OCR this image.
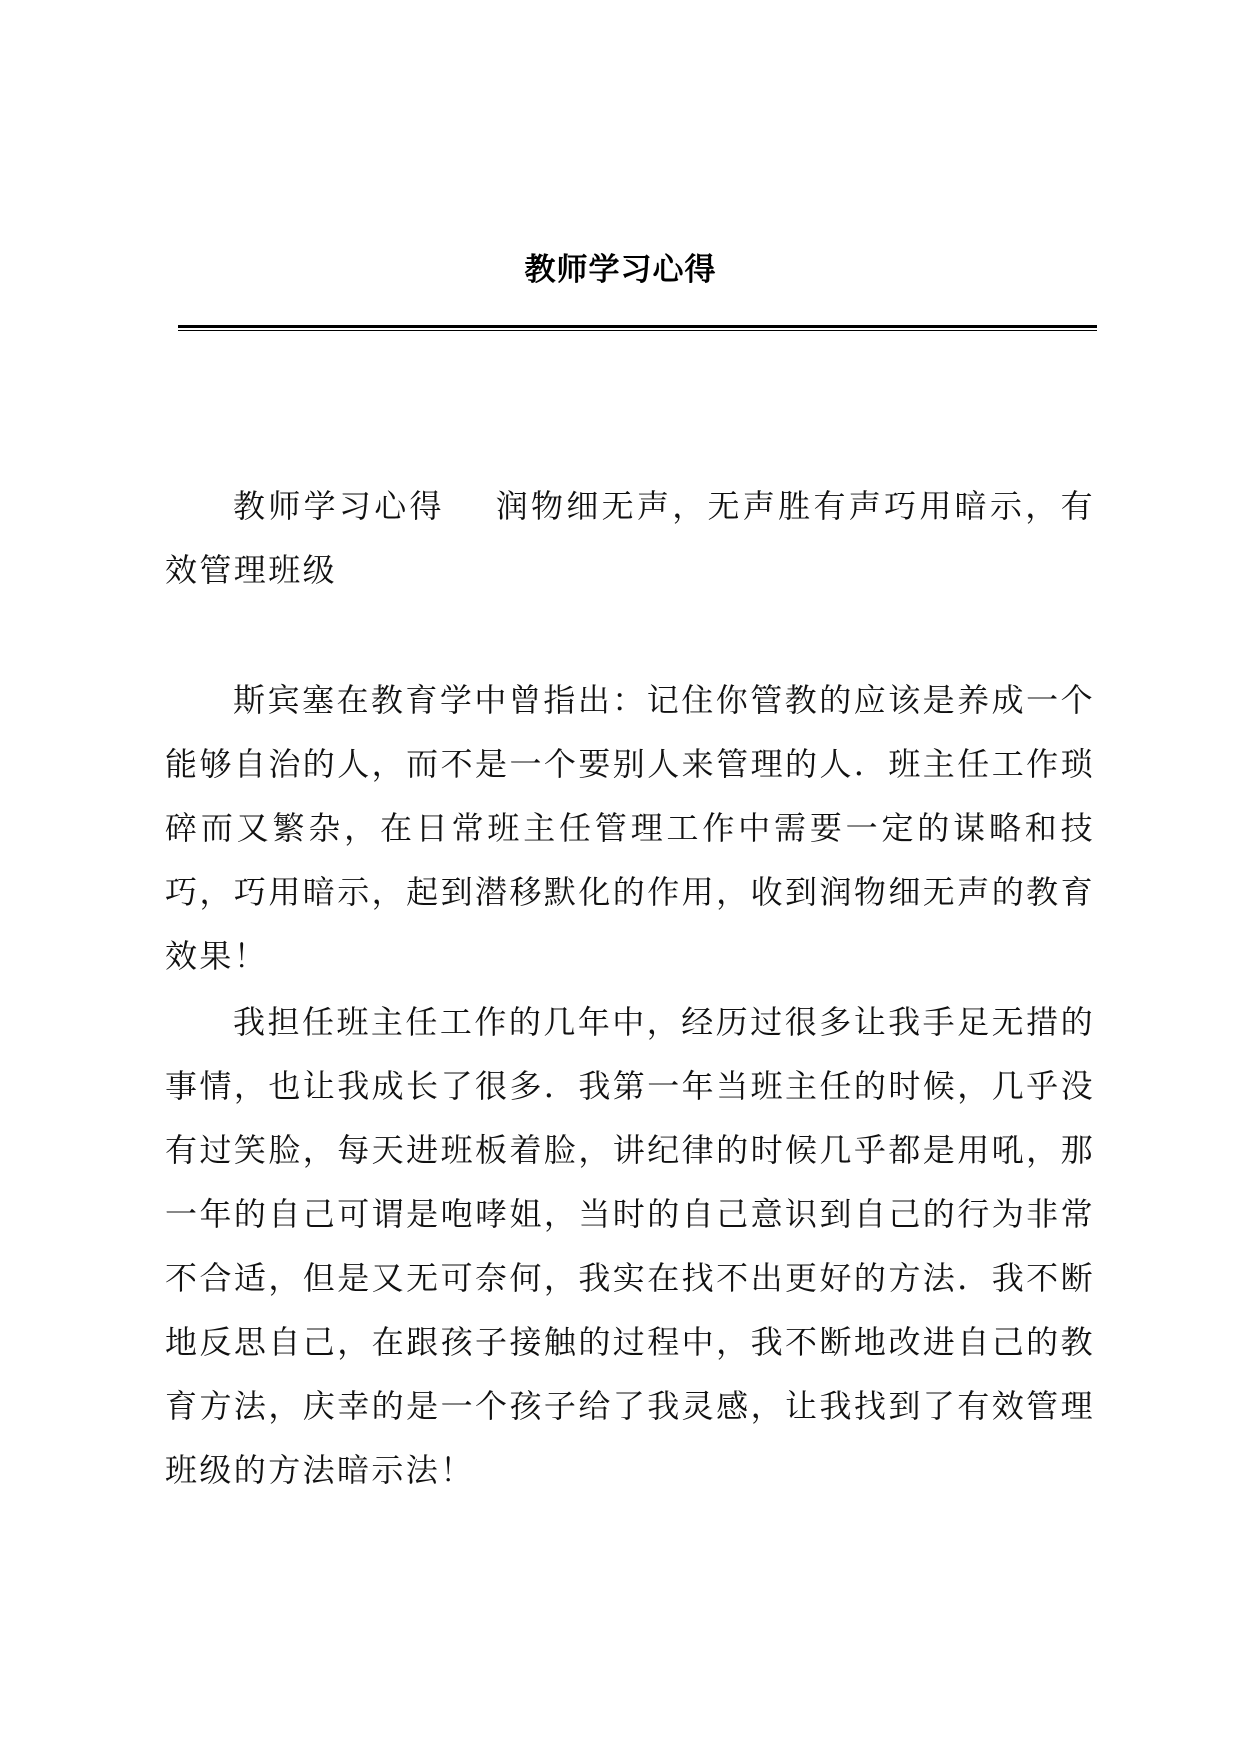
教师学习心得

教师学习心得 润物细无声，无声胜有声巧用暗示，有效管理班级

斯宾塞在教育学中曾指出：记住你管教的应该是养成一个能够自治的人，而不是一个要别人来管理的人．班主任工作琐碎而又繁杂，在日常班主任管理工作中需要一定的谋略和技巧，巧用暗示，起到潜移默化的作用，收到润物细无声的教育效果！

我担任班主任工作的几年中，经历过很多让我手足无措的事情，也让我成长了很多．我第一年当班主任的时候，几乎没有过笑脸，每天进班板着脸，讲纪律的时候几乎都是用吼，那一年的自己可谓是咆哮姐，当时的自己意识到自己的行为非常不合适，但是又无可奈何，我实在找不出更好的方法．我不断地反思自己，在跟孩子接触的过程中，我不断地改进自己的教育方法，庆幸的是一个孩子给了我灵感，让我找到了有效管理班级的方法暗示法！
